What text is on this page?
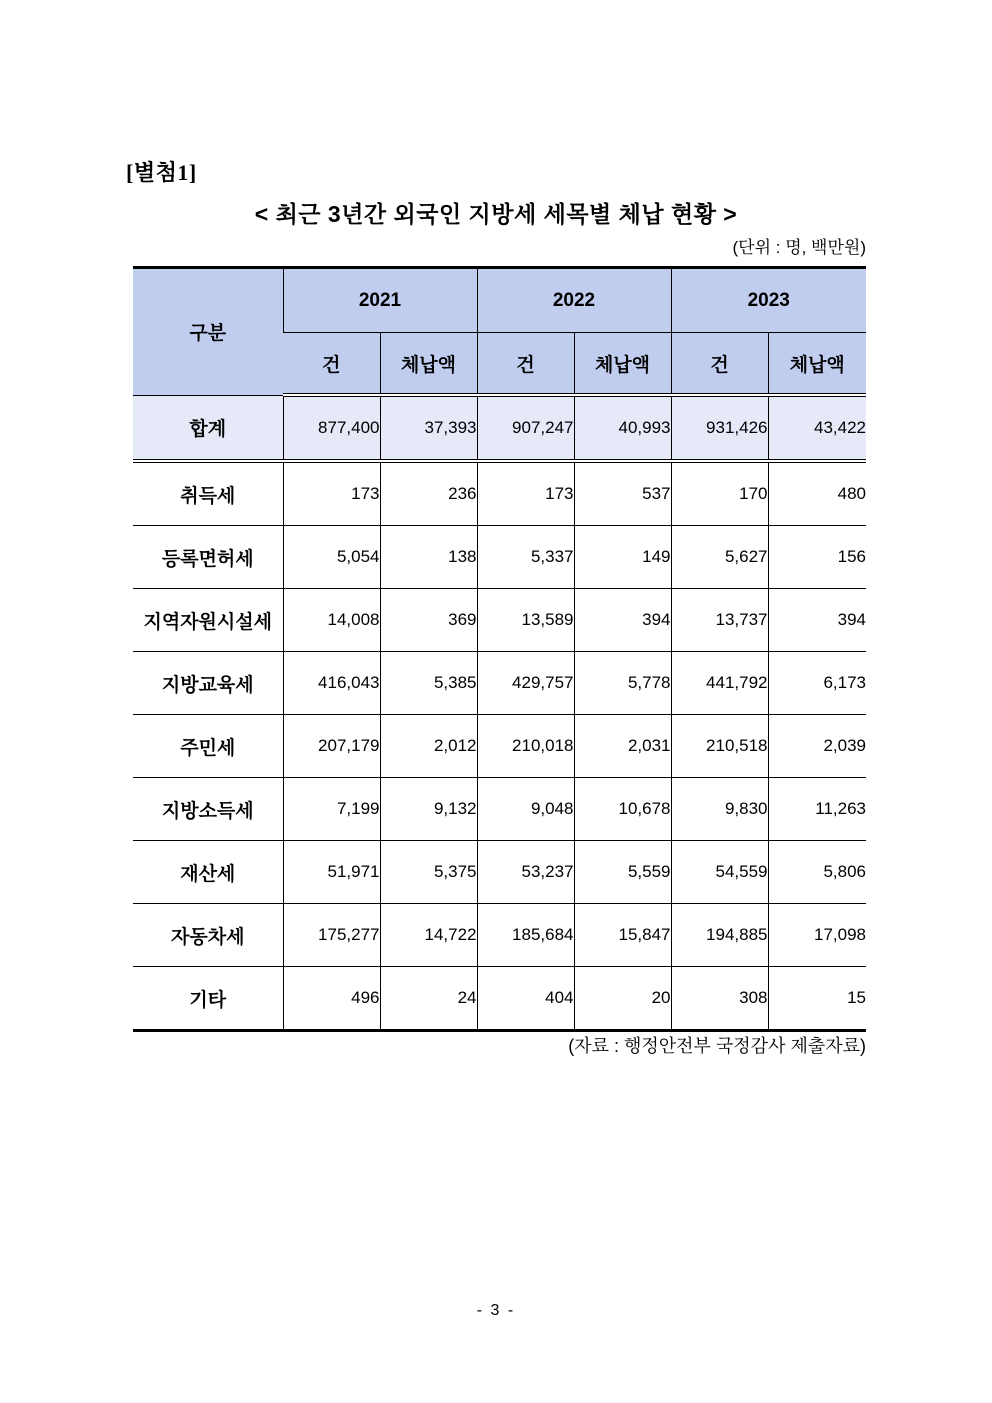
[별첨1]
< 최근 3년간 외국인 지방세 세목별 체납 현황 >
(단위 : 명, 백만원)
구분	2021		2022		2023	
	건	체납액	건	체납액	건	체납액
합계	877,400	37,393	907,247	40,993	931,426	43,422
취득세	173	236	173	537	170	480
등록면허세	5,054	138	5,337	149	5,627	156
지역자원시설세	14,008	369	13,589	394	13,737	394
지방교육세	416,043	5,385	429,757	5,778	441,792	6,173
주민세	207,179	2,012	210,018	2,031	210,518	2,039
지방소득세	7,199	9,132	9,048	10,678	9,830	11,263
재산세	51,971	5,375	53,237	5,559	54,559	5,806
자동차세	175,277	14,722	185,684	15,847	194,885	17,098
기타	496	24	404	20	308	15
(자료 : 행정안전부 국정감사 제출자료)
- 3 -
